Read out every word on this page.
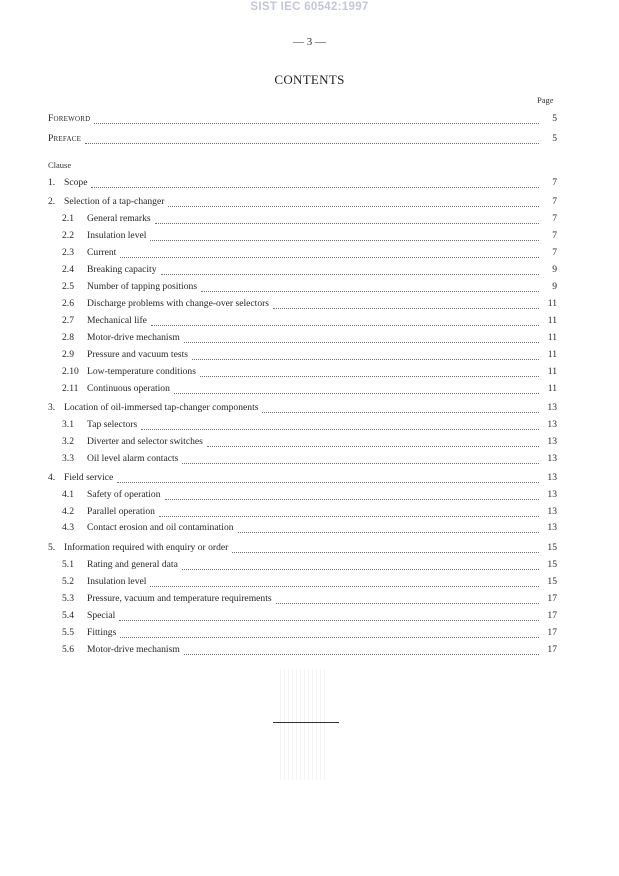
SIST IEC 60542:1997
— 3 —
CONTENTS
Page
Foreword	5
Preface	5
Clause
1. Scope	7
2. Selection of a tap-changer	7
2.1	General remarks	7
2.2	Insulation level	7
2.3	Current	7
2.4	Breaking capacity	9
2.5	Number of tapping positions	9
2.6	Discharge problems with change-over selectors	11
2.7	Mechanical life	11
2.8	Motor-drive mechanism	11
2.9	Pressure and vacuum tests	11
2.10 Low-temperature conditions	11
2.11 Continuous operation	11
3. Location of oil-immersed tap-changer components	13
3.1	Tap selectors	13
3.2	Diverter and selector switches	13
3.3	Oil level alarm contacts	13
4. Field service	13
4.1	Safety of operation	13
4.2	Parallel operation	13
4.3	Contact erosion and oil contamination	13
5. Information required with enquiry or order	15
5.1	Rating and general data	15
5.2	Insulation level	15
5.3	Pressure, vacuum and temperature requirements	17
5.4	Special	17
5.5	Fittings	17
5.6	Motor-drive mechanism	17
